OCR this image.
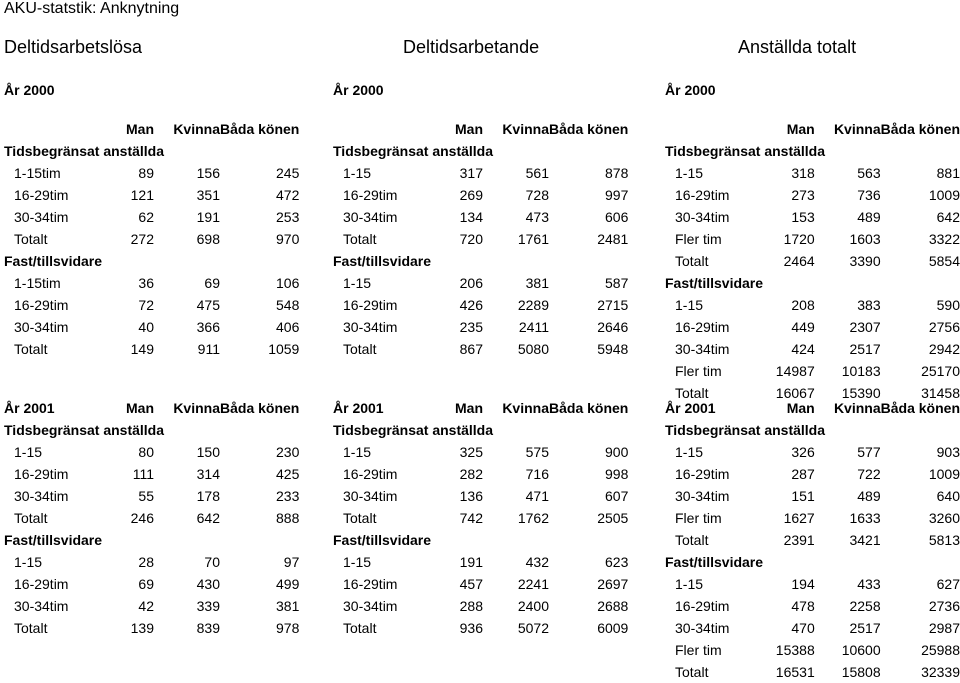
AKU-statstik: Anknytning
Deltidsarbetslösa	Deltidsarbetande	Anställda totalt
År 2000
	Man	Kvinna	Båda könen
Tidsbegränsat anställda			
1-15tim	89	156	245
16-29tim	121	351	472
30-34tim	62	191	253
Totalt	272	698	970
Fast/tillsvidare			
1-15tim	36	69	106
16-29tim	72	475	548
30-34tim	40	366	406
Totalt	149	911	1059
År 2000
	Man	Kvinna	Båda könen
Tidsbegränsat anställda			
1-15	317	561	878
16-29tim	269	728	997
30-34tim	134	473	606
Totalt	720	1761	2481
Fast/tillsvidare			
1-15	206	381	587
16-29tim	426	2289	2715
30-34tim	235	2411	2646
Totalt	867	5080	5948
År 2000
	Man	Kvinna	Båda könen
Tidsbegränsat anställda			
1-15	318	563	881
16-29tim	273	736	1009
30-34tim	153	489	642
Fler tim	1720	1603	3322
Totalt	2464	3390	5854
Fast/tillsvidare			
1-15	208	383	590
16-29tim	449	2307	2756
30-34tim	424	2517	2942
Fler tim	14987	10183	25170
Totalt	16067	15390	31458
År 2001	Man	Kvinna	Båda könen
Tidsbegränsat anställda			
1-15	80	150	230
16-29tim	111	314	425
30-34tim	55	178	233
Totalt	246	642	888
Fast/tillsvidare			
1-15	28	70	97
16-29tim	69	430	499
30-34tim	42	339	381
Totalt	139	839	978
År 2001	Man	Kvinna	Båda könen
Tidsbegränsat anställda			
1-15	325	575	900
16-29tim	282	716	998
30-34tim	136	471	607
Totalt	742	1762	2505
Fast/tillsvidare			
1-15	191	432	623
16-29tim	457	2241	2697
30-34tim	288	2400	2688
Totalt	936	5072	6009
År 2001	Man	Kvinna	Båda könen
Tidsbegränsat anställda			
1-15	326	577	903
16-29tim	287	722	1009
30-34tim	151	489	640
Fler tim	1627	1633	3260
Totalt	2391	3421	5813
Fast/tillsvidare			
1-15	194	433	627
16-29tim	478	2258	2736
30-34tim	470	2517	2987
Fler tim	15388	10600	25988
Totalt	16531	15808	32339
